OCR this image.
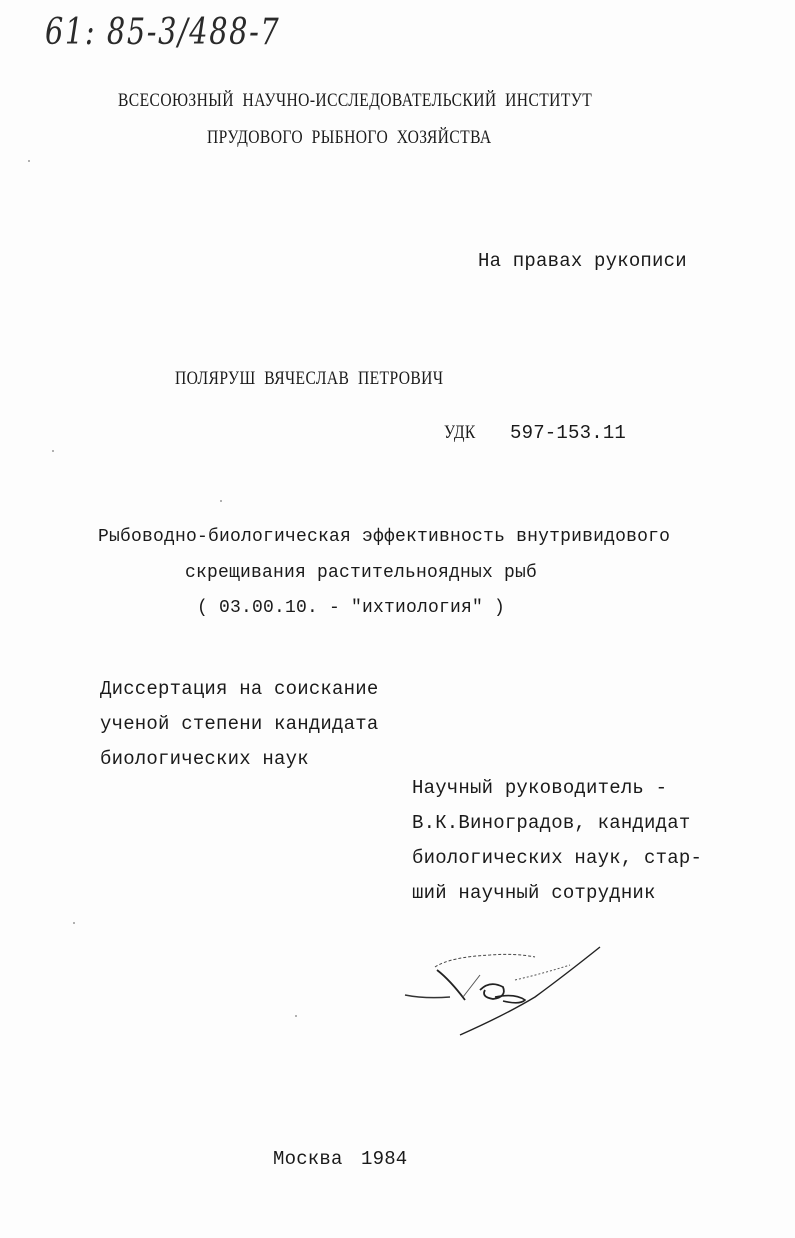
61: 85-3/488-7
ВСЕСОЮЗНЫЙ  НАУЧНО-ИССЛЕДОВАТЕЛЬСКИЙ  ИНСТИТУТ
ПРУДОВОГО  РЫБНОГО  ХОЗЯЙСТВА
На правах рукописи
ПОЛЯРУШ  ВЯЧЕСЛАВ  ПЕТРОВИЧ
УДК 597-153.11
Рыбоводно-биологическая эффективность внутривидового
скрещивания растительноядных рыб
( 03.00.10. - "ихтиология" )
Диссертация на соискание
ученой степени кандидата
биологических наук
Научный руководитель -
В.К.Виноградов, кандидат
биологических наук, стар-
ший научный сотрудник
Москва 1984
